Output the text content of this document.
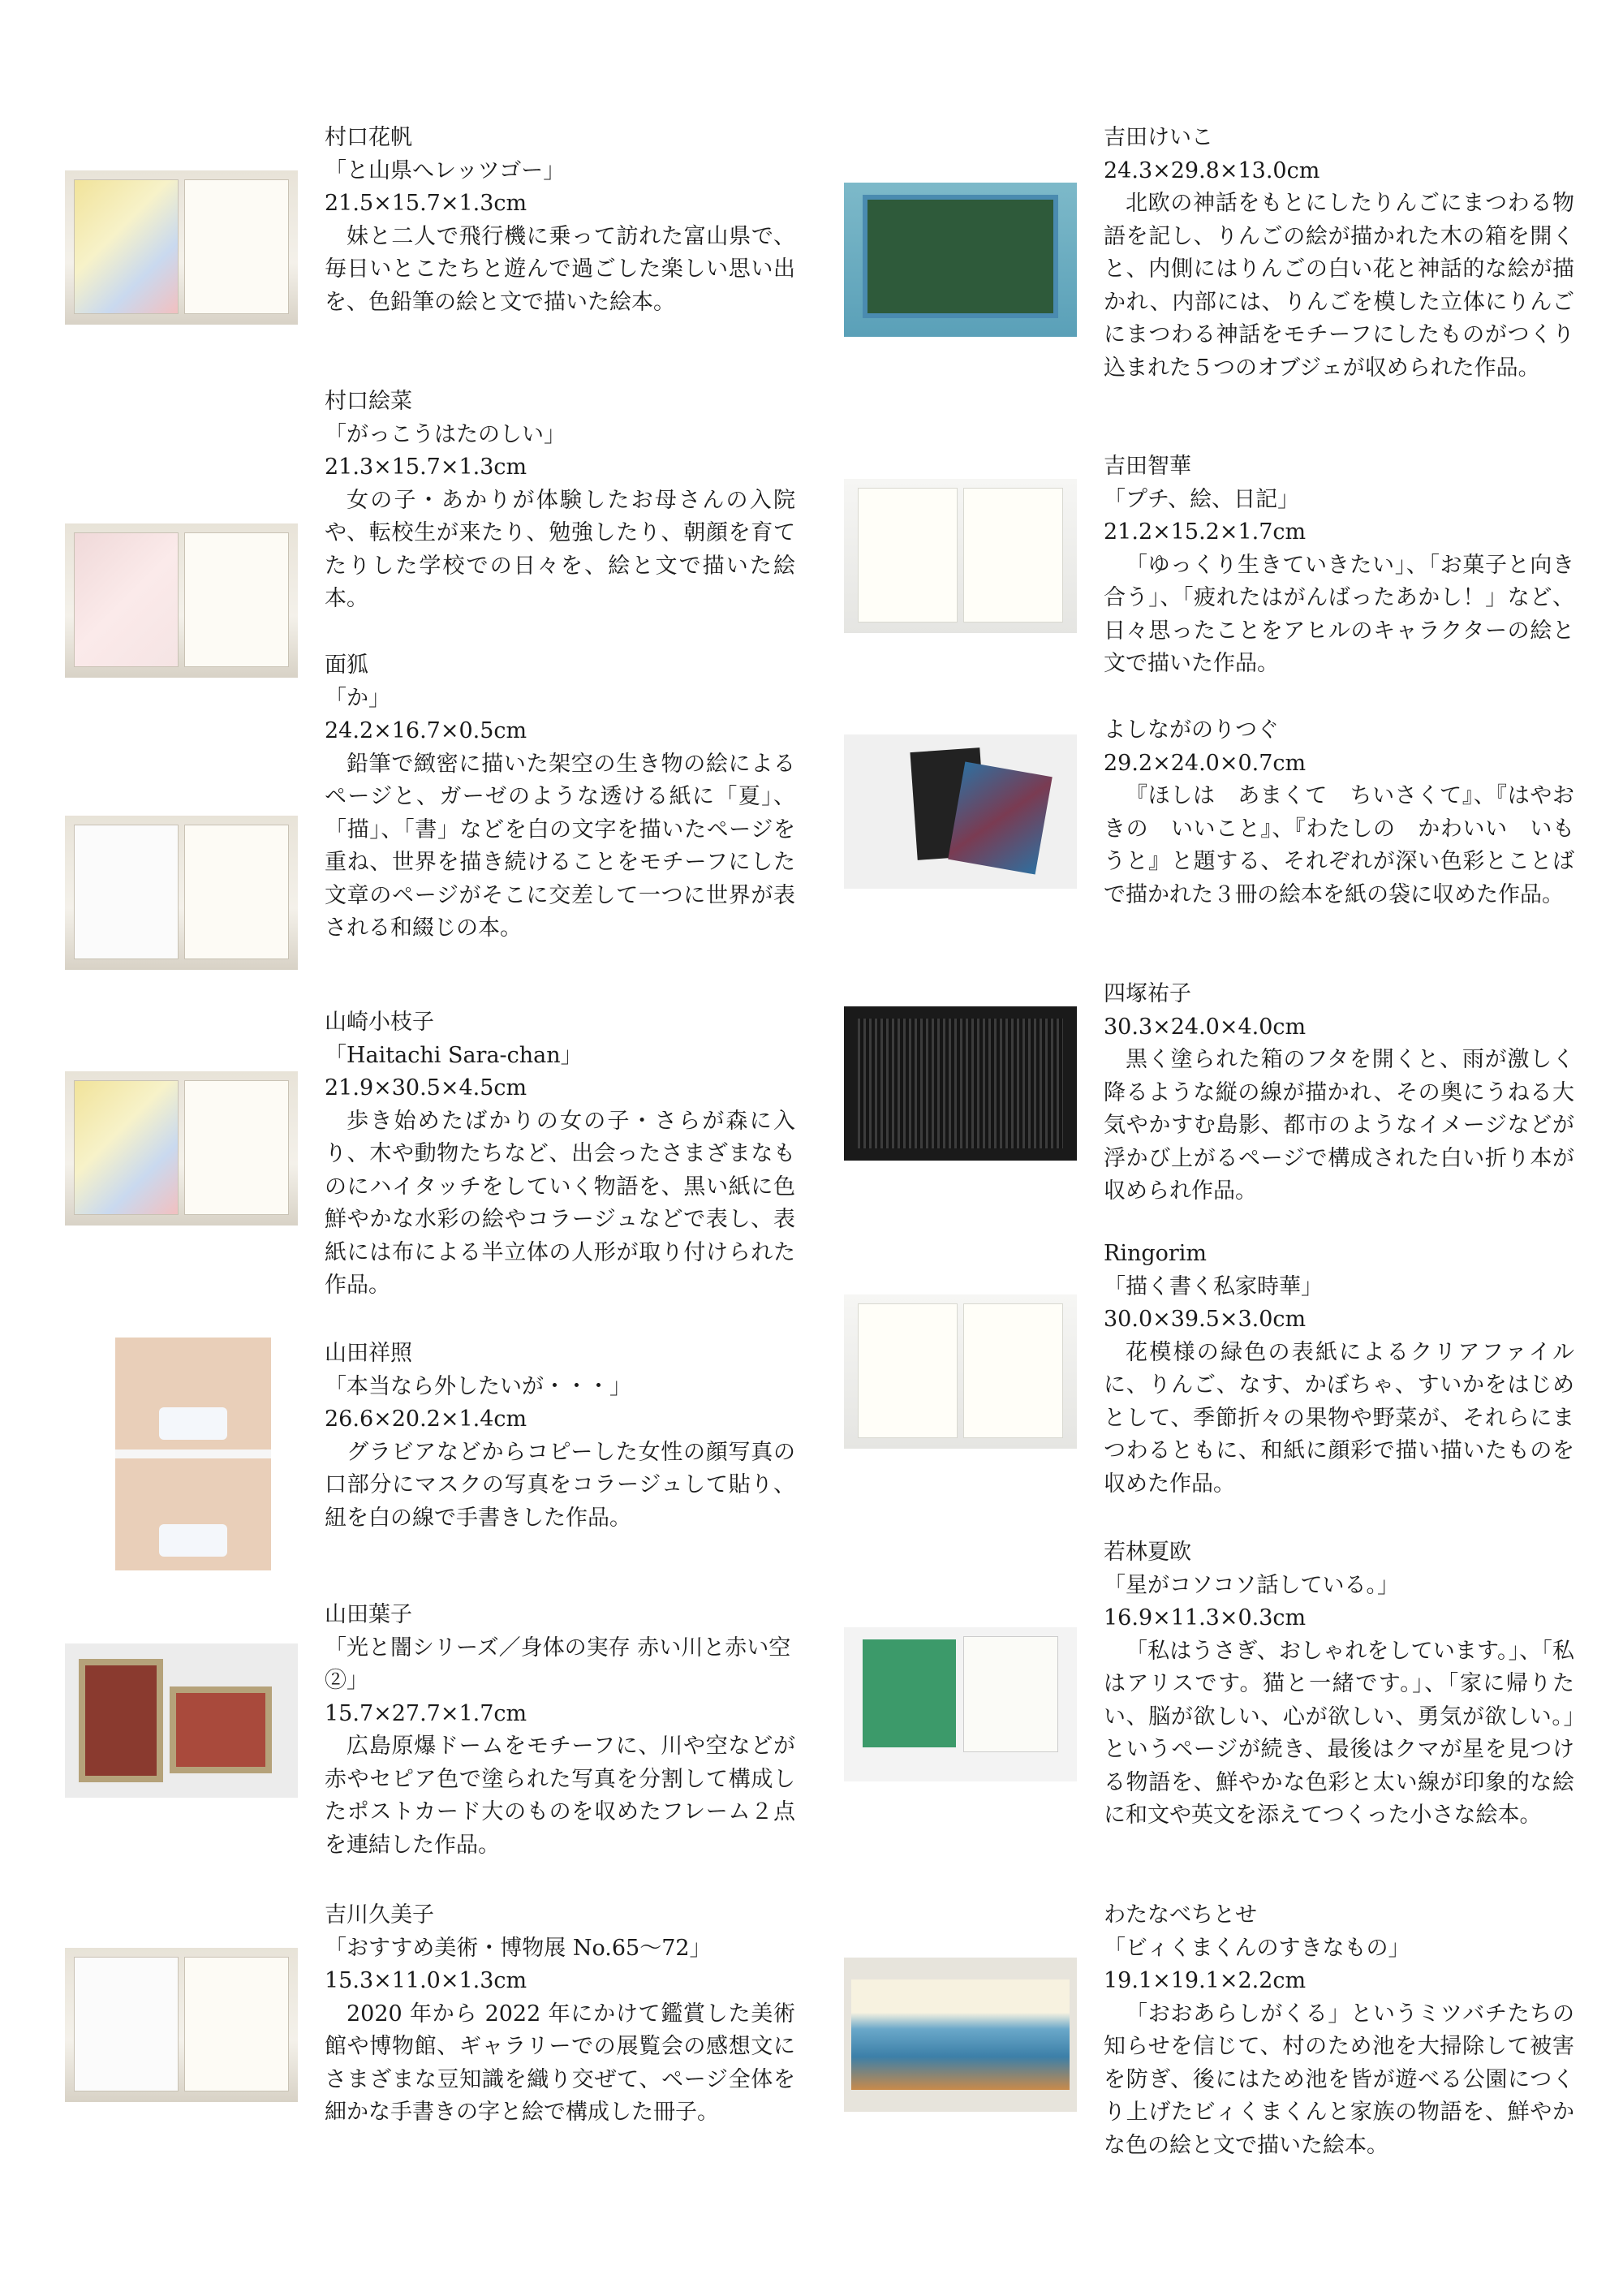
村口花帆
「と山県へレッツゴー」
21.5×15.7×1.3cm
妹と二人で飛行機に乗って訪れた富山県で、毎日いとこたちと遊んで過ごした楽しい思い出を、色鉛筆の絵と文で描いた絵本。
村口絵菜
「がっこうはたのしい」
21.3×15.7×1.3cm
女の子・あかりが体験したお母さんの入院や、転校生が来たり、勉強したり、朝顔を育てたりした学校での日々を、絵と文で描いた絵本。
面狐
「か」
24.2×16.7×0.5cm
鉛筆で緻密に描いた架空の生き物の絵によるページと、ガーゼのような透ける紙に「夏」、「描」、「書」などを白の文字を描いたページを重ね、世界を描き続けることをモチーフにした文章のページがそこに交差して一つに世界が表される和綴じの本。
山崎小枝子
「Haitachi Sara-chan」
21.9×30.5×4.5cm
歩き始めたばかりの女の子・さらが森に入り、木や動物たちなど、出会ったさまざまなものにハイタッチをしていく物語を、黒い紙に色鮮やかな水彩の絵やコラージュなどで表し、表紙には布による半立体の人形が取り付けられた作品。
山田祥照
「本当なら外したいが・・・」
26.6×20.2×1.4cm
グラビアなどからコピーした女性の顔写真の口部分にマスクの写真をコラージュして貼り、紐を白の線で手書きした作品。
山田葉子
「光と闇シリーズ／身体の実存 赤い川と赤い空②」
15.7×27.7×1.7cm
広島原爆ドームをモチーフに、川や空などが赤やセピア色で塗られた写真を分割して構成したポストカード大のものを収めたフレーム２点を連結した作品。
吉川久美子
「おすすめ美術・博物展 No.65〜72」
15.3×11.0×1.3cm
2020 年から 2022 年にかけて鑑賞した美術館や博物館、ギャラリーでの展覧会の感想文にさまざまな豆知識を織り交ぜて、ページ全体を細かな手書きの字と絵で構成した冊子。
吉田けいこ
24.3×29.8×13.0cm
北欧の神話をもとにしたりんごにまつわる物語を記し、りんごの絵が描かれた木の箱を開くと、内側にはりんごの白い花と神話的な絵が描かれ、内部には、りんごを模した立体にりんごにまつわる神話をモチーフにしたものがつくり込まれた５つのオブジェが収められた作品。
吉田智華
「プチ、絵、日記」
21.2×15.2×1.7cm
「ゆっくり生きていきたい」、「お菓子と向き合う」、「疲れたはがんばったあかし！」など、日々思ったことをアヒルのキャラクターの絵と文で描いた作品。
よしながのりつぐ
29.2×24.0×0.7cm
『ほしは　あまくて　ちいさくて』、『はやおきの　いいこと』、『わたしの　かわいい　いもうと』と題する、それぞれが深い色彩とことばで描かれた３冊の絵本を紙の袋に収めた作品。
四塚祐子
30.3×24.0×4.0cm
黒く塗られた箱のフタを開くと、雨が激しく降るような縦の線が描かれ、その奥にうねる大気やかすむ島影、都市のようなイメージなどが浮かび上がるページで構成された白い折り本が収められ作品。
Ringorim
「描く書く私家時華」
30.0×39.5×3.0cm
花模様の緑色の表紙によるクリアファイルに、りんご、なす、かぼちゃ、すいかをはじめとして、季節折々の果物や野菜が、それらにまつわるともに、和紙に顔彩で描い描いたものを収めた作品。
若林夏欧
「星がコソコソ話している。」
16.9×11.3×0.3cm
「私はうさぎ、おしゃれをしています。」、「私はアリスです。猫と一緒です。」、「家に帰りたい、脳が欲しい、心が欲しい、勇気が欲しい。」というページが続き、最後はクマが星を見つける物語を、鮮やかな色彩と太い線が印象的な絵に和文や英文を添えてつくった小さな絵本。
わたなべちとせ
「ビィくまくんのすきなもの」
19.1×19.1×2.2cm
「おおあらしがくる」というミツバチたちの知らせを信じて、村のため池を大掃除して被害を防ぎ、後にはため池を皆が遊べる公園につくり上げたビィくまくんと家族の物語を、鮮やかな色の絵と文で描いた絵本。
